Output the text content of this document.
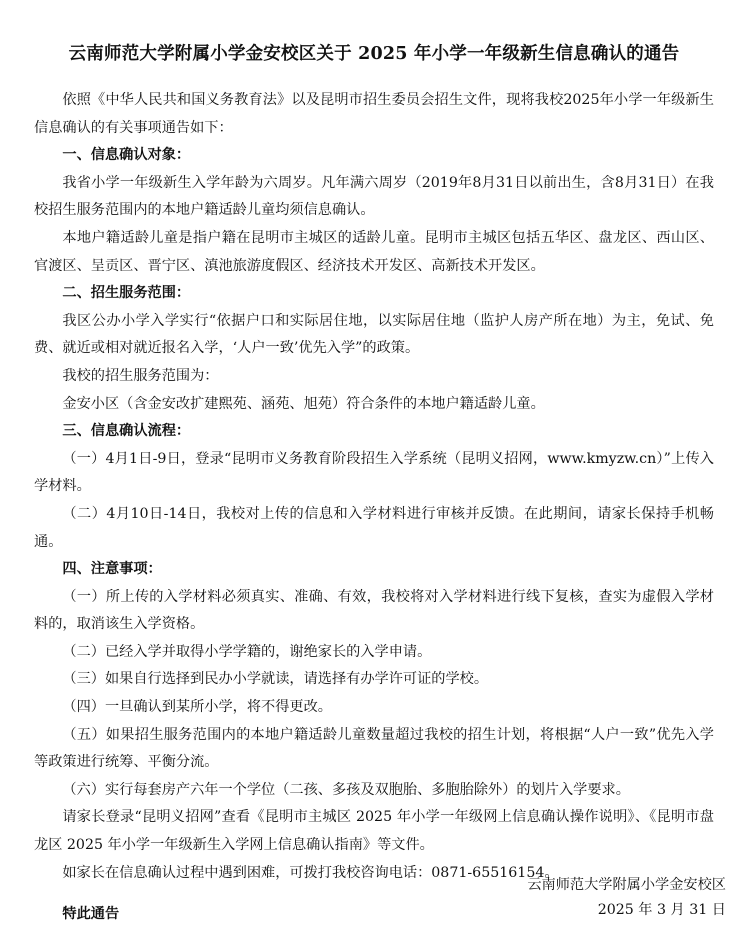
云南师范大学附属小学金安校区关于 2025 年小学一年级新生信息确认的通告

依照《中华人民共和国义务教育法》以及昆明市招生委员会招生文件，现将我校2025年小学一年级新生信息确认的有关事项通告如下：

一、信息确认对象：

我省小学一年级新生入学年龄为六周岁。凡年满六周岁（2019年8月31日以前出生，含8月31日）在我校招生服务范围内的本地户籍适龄儿童均须信息确认。

本地户籍适龄儿童是指户籍在昆明市主城区的适龄儿童。昆明市主城区包括五华区、盘龙区、西山区、官渡区、呈贡区、晋宁区、滇池旅游度假区、经济技术开发区、高新技术开发区。

二、招生服务范围：

我区公办小学入学实行“依据户口和实际居住地，以实际居住地（监护人房产所在地）为主，免试、免费、就近或相对就近报名入学，‘人户一致’优先入学”的政策。

我校的招生服务范围为：

金安小区（含金安改扩建熙苑、涵苑、旭苑）符合条件的本地户籍适龄儿童。

三、信息确认流程：

（一）4月1日-9日，登录“昆明市义务教育阶段招生入学系统（昆明义招网，www.kmyzw.cn）”上传入学材料。

（二）4月10日-14日，我校对上传的信息和入学材料进行审核并反馈。在此期间，请家长保持手机畅通。

四、注意事项：

（一）所上传的入学材料必须真实、准确、有效，我校将对入学材料进行线下复核，查实为虚假入学材料的，取消该生入学资格。

（二）已经入学并取得小学学籍的，谢绝家长的入学申请。

（三）如果自行选择到民办小学就读，请选择有办学许可证的学校。

（四）一旦确认到某所小学，将不得更改。

（五）如果招生服务范围内的本地户籍适龄儿童数量超过我校的招生计划，将根据“人户一致”优先入学等政策进行统筹、平衡分流。

（六）实行每套房产六年一个学位（二孩、多孩及双胞胎、多胞胎除外）的划片入学要求。

请家长登录“昆明义招网”查看《昆明市主城区 2025 年小学一年级网上信息确认操作说明》、《昆明市盘龙区 2025 年小学一年级新生入学网上信息确认指南》等文件。

如家长在信息确认过程中遇到困难，可拨打我校咨询电话：0871-65516154。

特此通告

云南师范大学附属小学金安校区
2025 年 3 月 31 日
